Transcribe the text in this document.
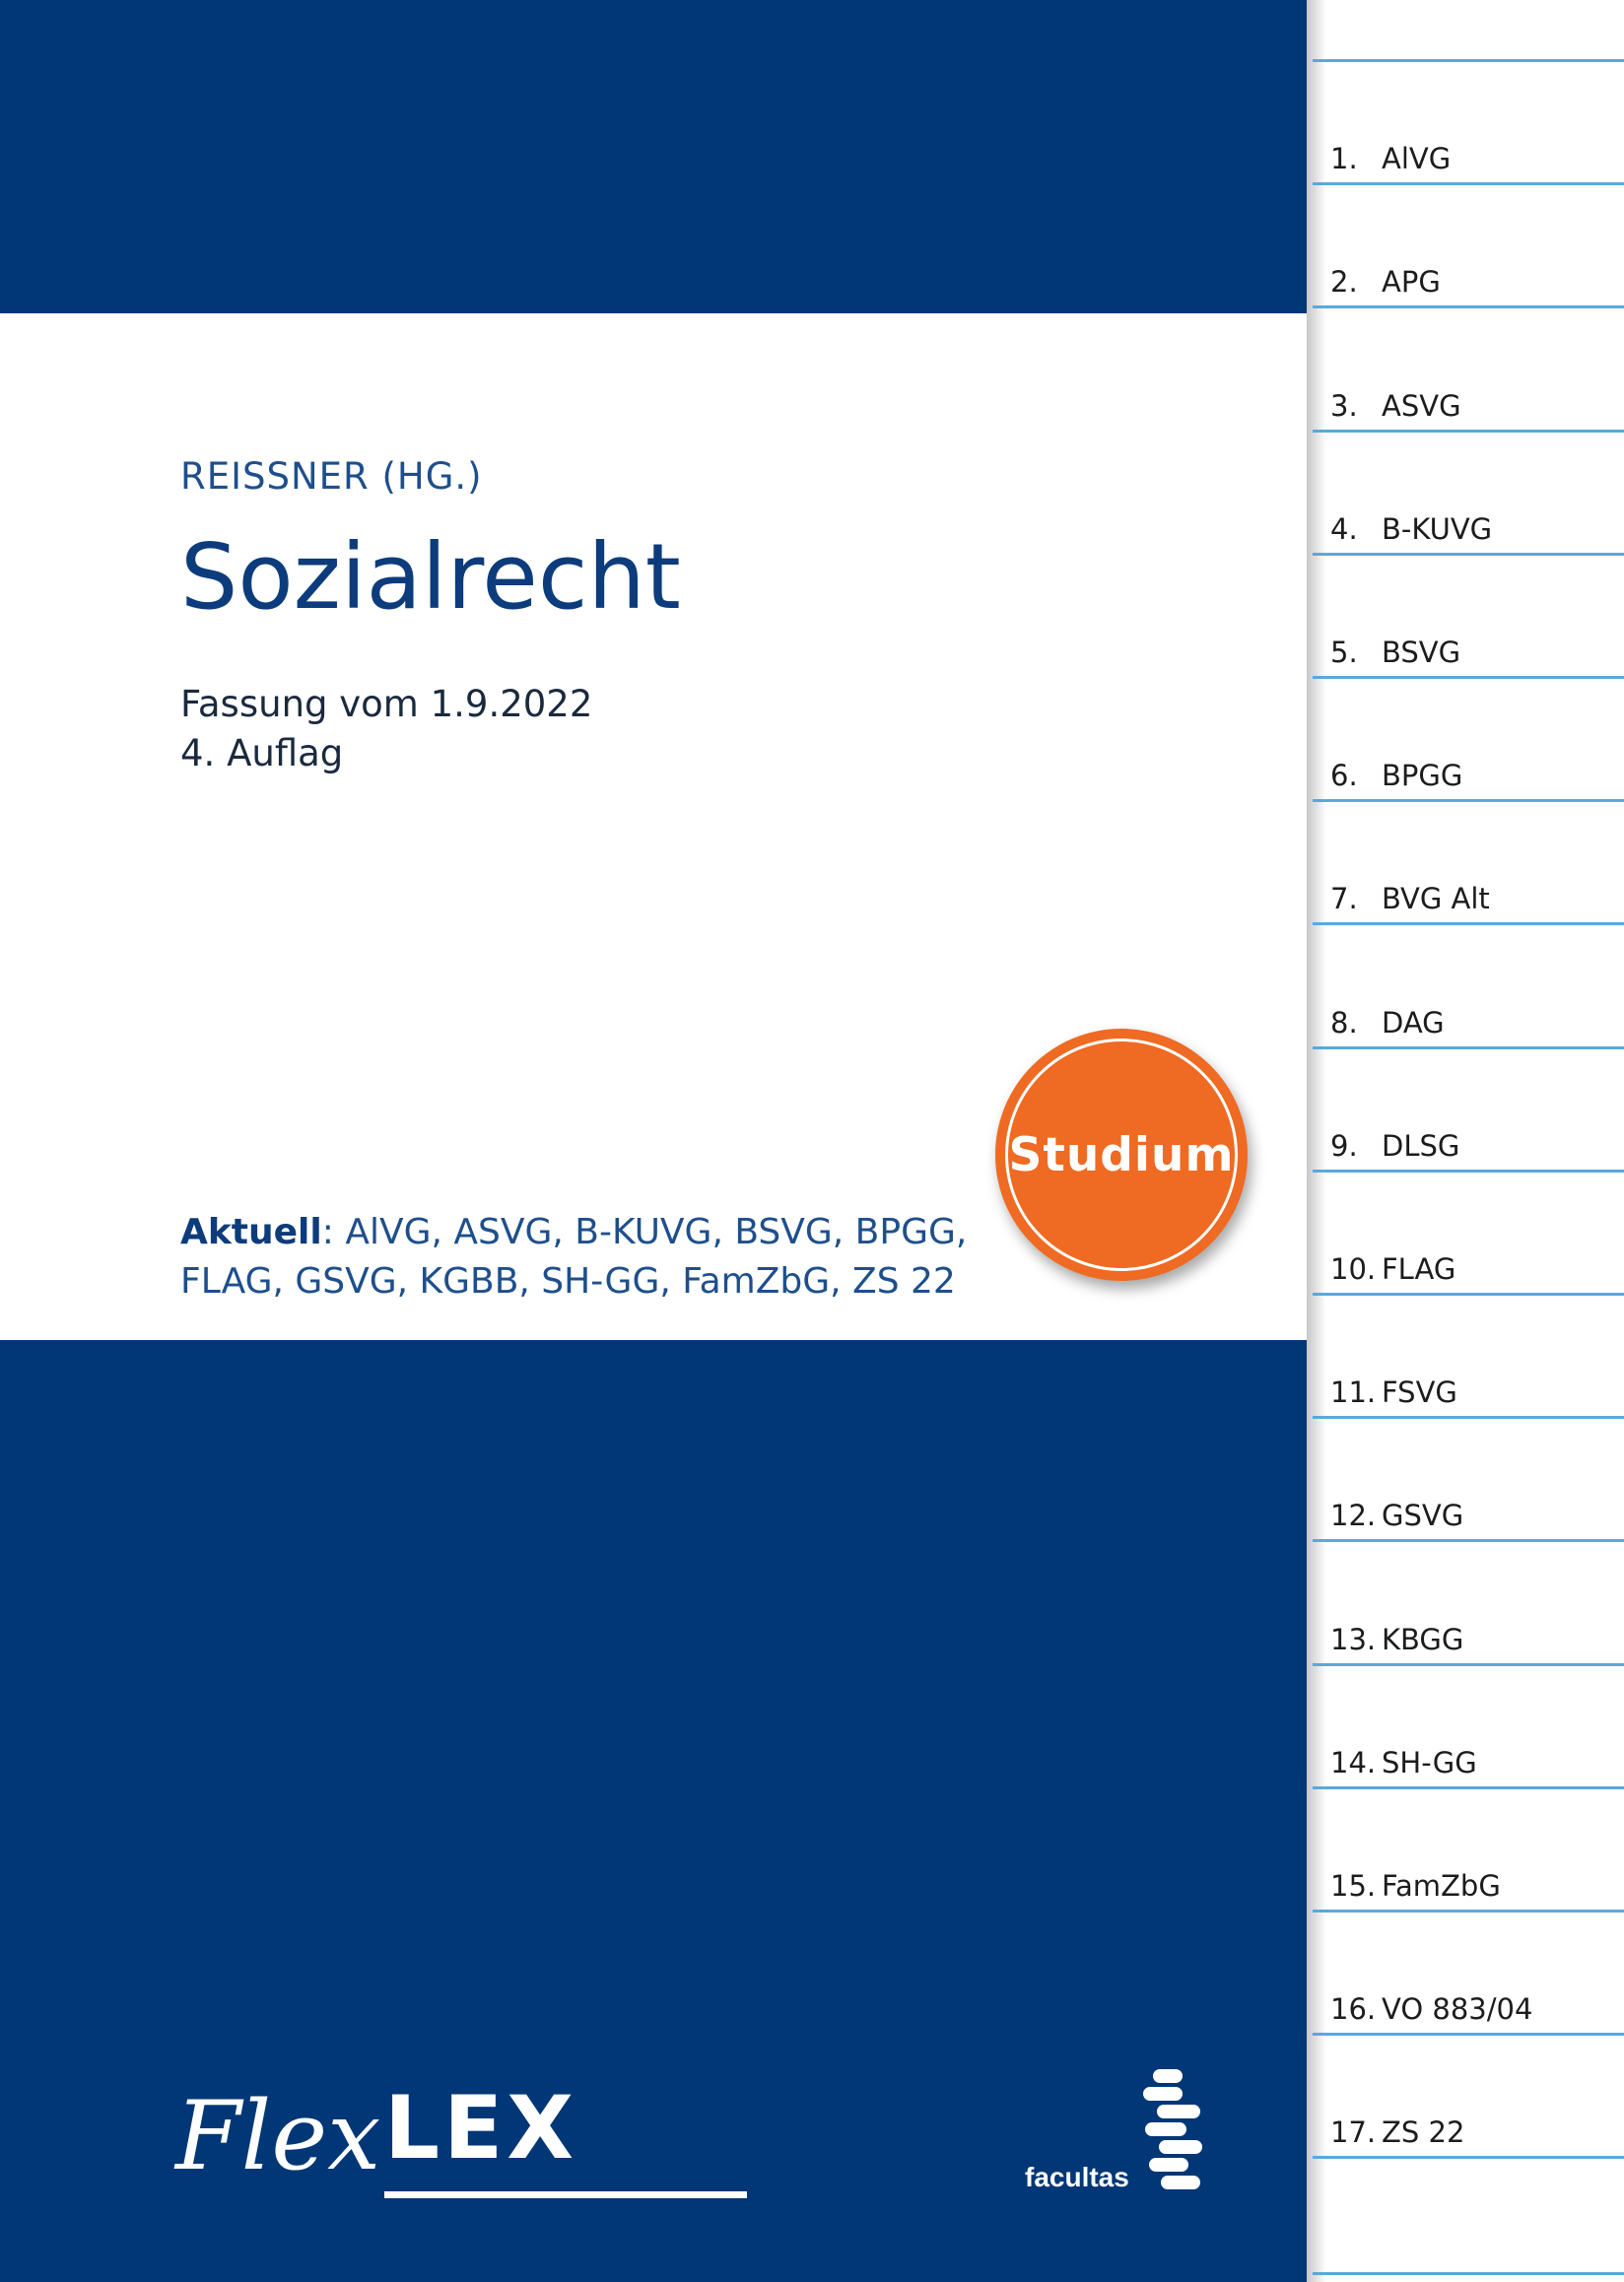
REISSNER (HG.)
Sozialrecht
Fassung vom 1.9.2022
4. Auflag
Aktuell: AlVG, ASVG, B-KUVG, BSVG, BPGG, FLAG, GSVG, KGBB, SH-GG, FamZbG, ZS 22
Studium
Flex LEX	facultas
1. AlVG
2. APG
3. ASVG
4. B-KUVG
5. BSVG
6. BPGG
7. BVG Alt
8. DAG
9. DLSG
10. FLAG
11. FSVG
12. GSVG
13. KBGG
14. SH-GG
15. FamZbG
16. VO 883/04
17. ZS 22
